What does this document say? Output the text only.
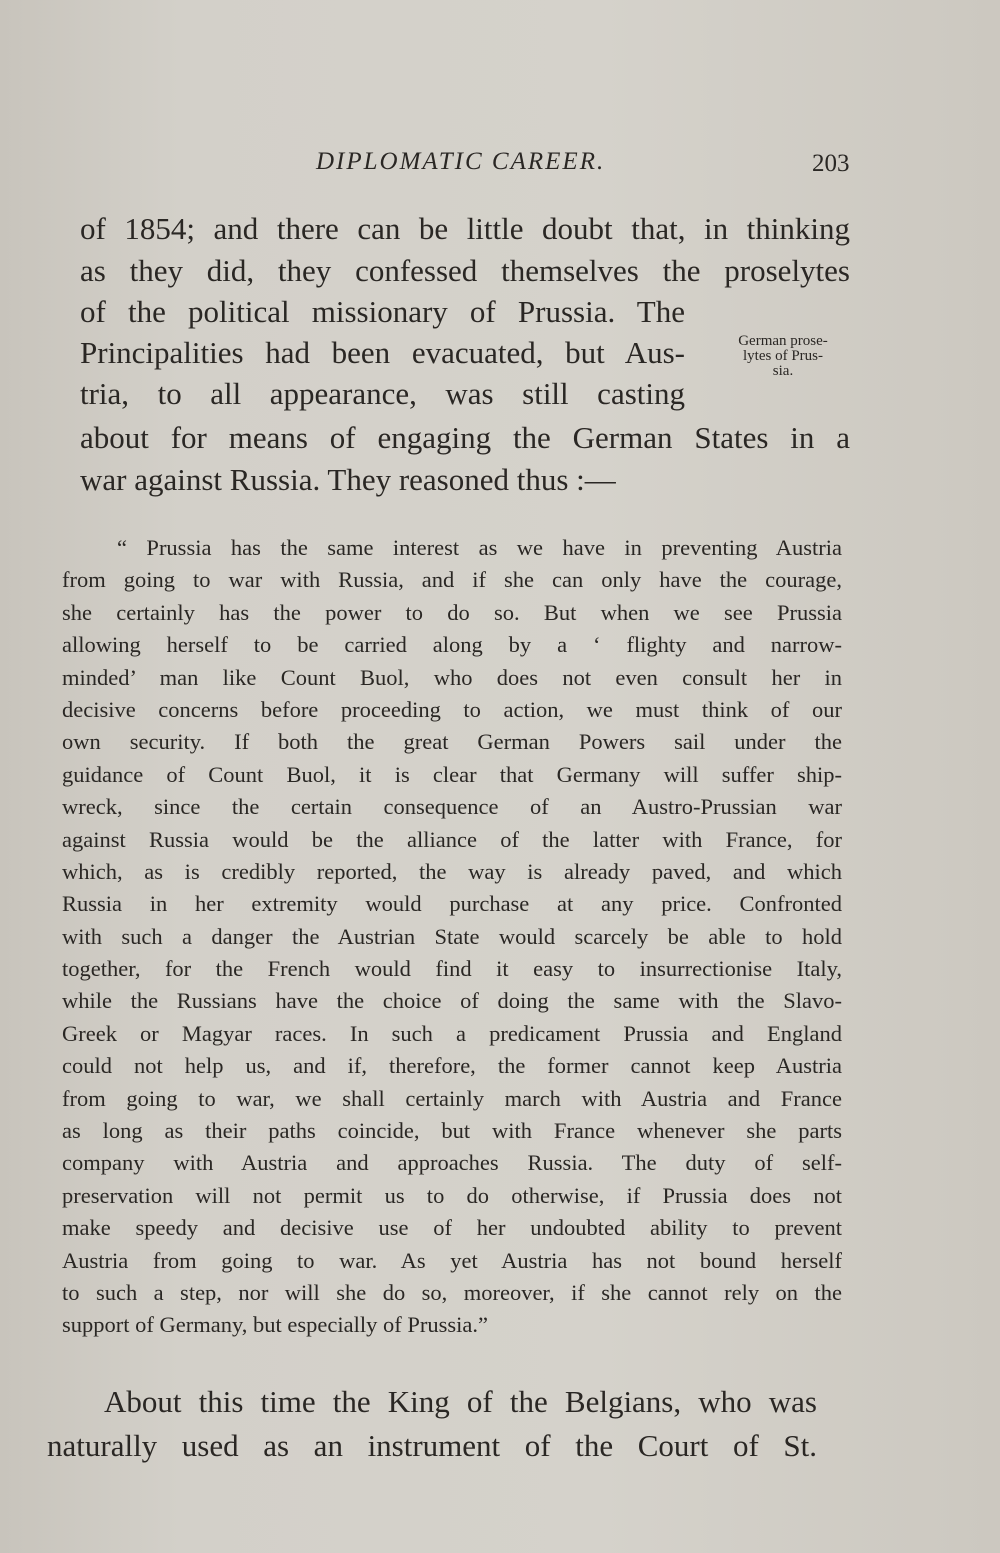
DIPLOMATIC CAREER.	203

of 1854; and there can be little doubt that, in thinking

as they did, they confessed themselves the proselytes

of the political missionary of Prussia. The

Principalities had been evacuated, but Aus-

tria, to all appearance, was still casting

about for means of engaging the German States in a

war against Russia. They reasoned thus :—

German prose-
lytes of Prus-
sia.

“ Prussia has the same interest as we have in preventing Austria

from going to war with Russia, and if she can only have the courage,

she certainly has the power to do so. But when we see Prussia

allowing herself to be carried along by a ‘ flighty and narrow-

minded’ man like Count Buol, who does not even consult her in

decisive concerns before proceeding to action, we must think of our

own security. If both the great German Powers sail under the

guidance of Count Buol, it is clear that Germany will suffer ship-

wreck, since the certain consequence of an Austro-Prussian war

against Russia would be the alliance of the latter with France, for

which, as is credibly reported, the way is already paved, and which

Russia in her extremity would purchase at any price. Confronted

with such a danger the Austrian State would scarcely be able to hold

together, for the French would find it easy to insurrectionise Italy,

while the Russians have the choice of doing the same with the Slavo-

Greek or Magyar races. In such a predicament Prussia and England

could not help us, and if, therefore, the former cannot keep Austria

from going to war, we shall certainly march with Austria and France

as long as their paths coincide, but with France whenever she parts

company with Austria and approaches Russia. The duty of self-

preservation will not permit us to do otherwise, if Prussia does not

make speedy and decisive use of her undoubted ability to prevent

Austria from going to war. As yet Austria has not bound herself

to such a step, nor will she do so, moreover, if she cannot rely on the

support of Germany, but especially of Prussia.”

About this time the King of the Belgians, who was

naturally used as an instrument of the Court of St.
